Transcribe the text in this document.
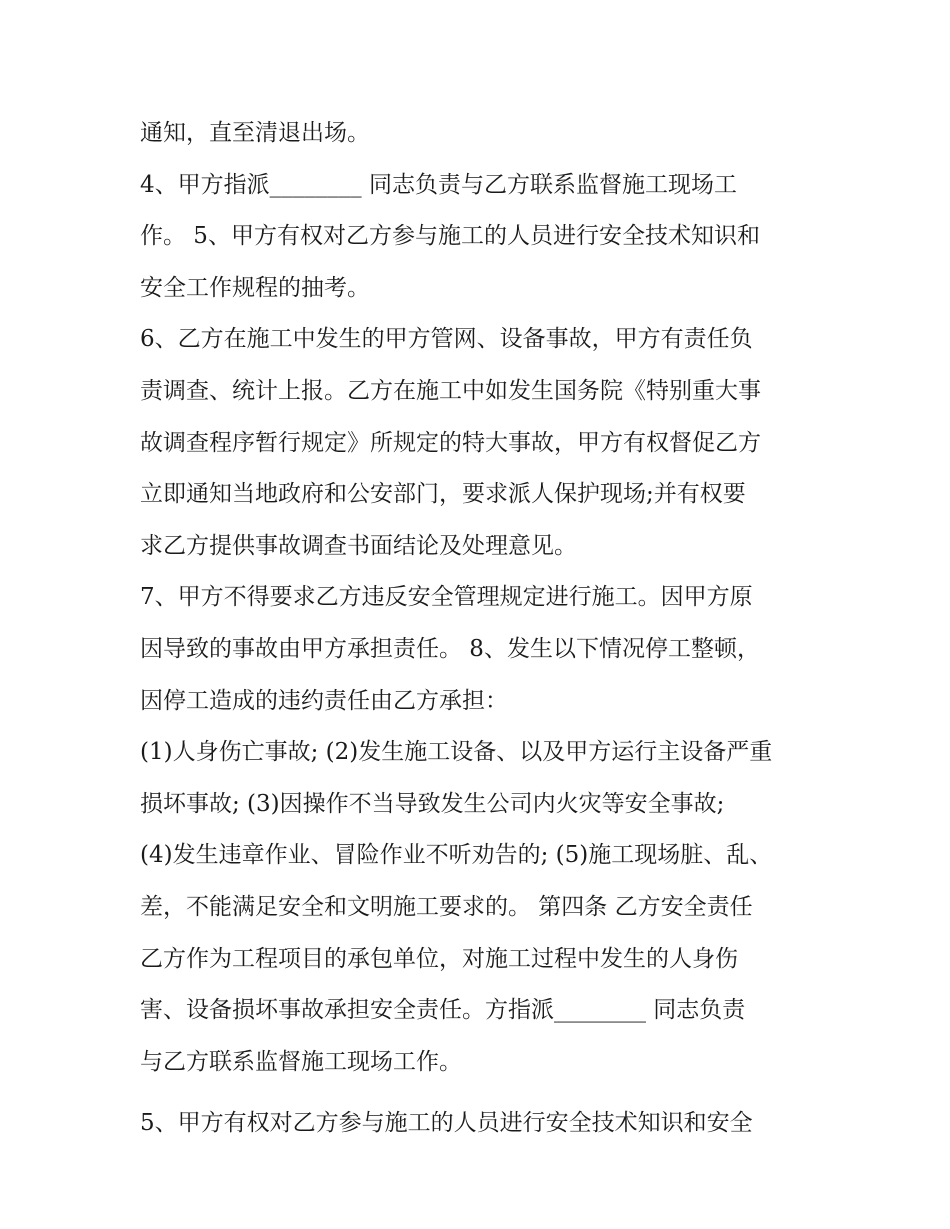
通知，直至清退出场。
4、甲方指派________ 同志负责与乙方联系监督施工现场工
作。 5、甲方有权对乙方参与施工的人员进行安全技术知识和
安全工作规程的抽考。
6、乙方在施工中发生的甲方管网、设备事故，甲方有责任负
责调查、统计上报。乙方在施工中如发生国务院《特别重大事
故调查程序暂行规定》所规定的特大事故，甲方有权督促乙方
立即通知当地政府和公安部门，要求派人保护现场;并有权要
求乙方提供事故调查书面结论及处理意见。
7、甲方不得要求乙方违反安全管理规定进行施工。因甲方原
因导致的事故由甲方承担责任。 8、发生以下情况停工整顿，
因停工造成的违约责任由乙方承担：
(1)人身伤亡事故; (2)发生施工设备、以及甲方运行主设备严重
损坏事故; (3)因操作不当导致发生公司内火灾等安全事故;
(4)发生违章作业、冒险作业不听劝告的; (5)施工现场脏、乱、
差，不能满足安全和文明施工要求的。 第四条 乙方安全责任
乙方作为工程项目的承包单位，对施工过程中发生的人身伤
害、设备损坏事故承担安全责任。方指派________ 同志负责
与乙方联系监督施工现场工作。
5、甲方有权对乙方参与施工的人员进行安全技术知识和安全
